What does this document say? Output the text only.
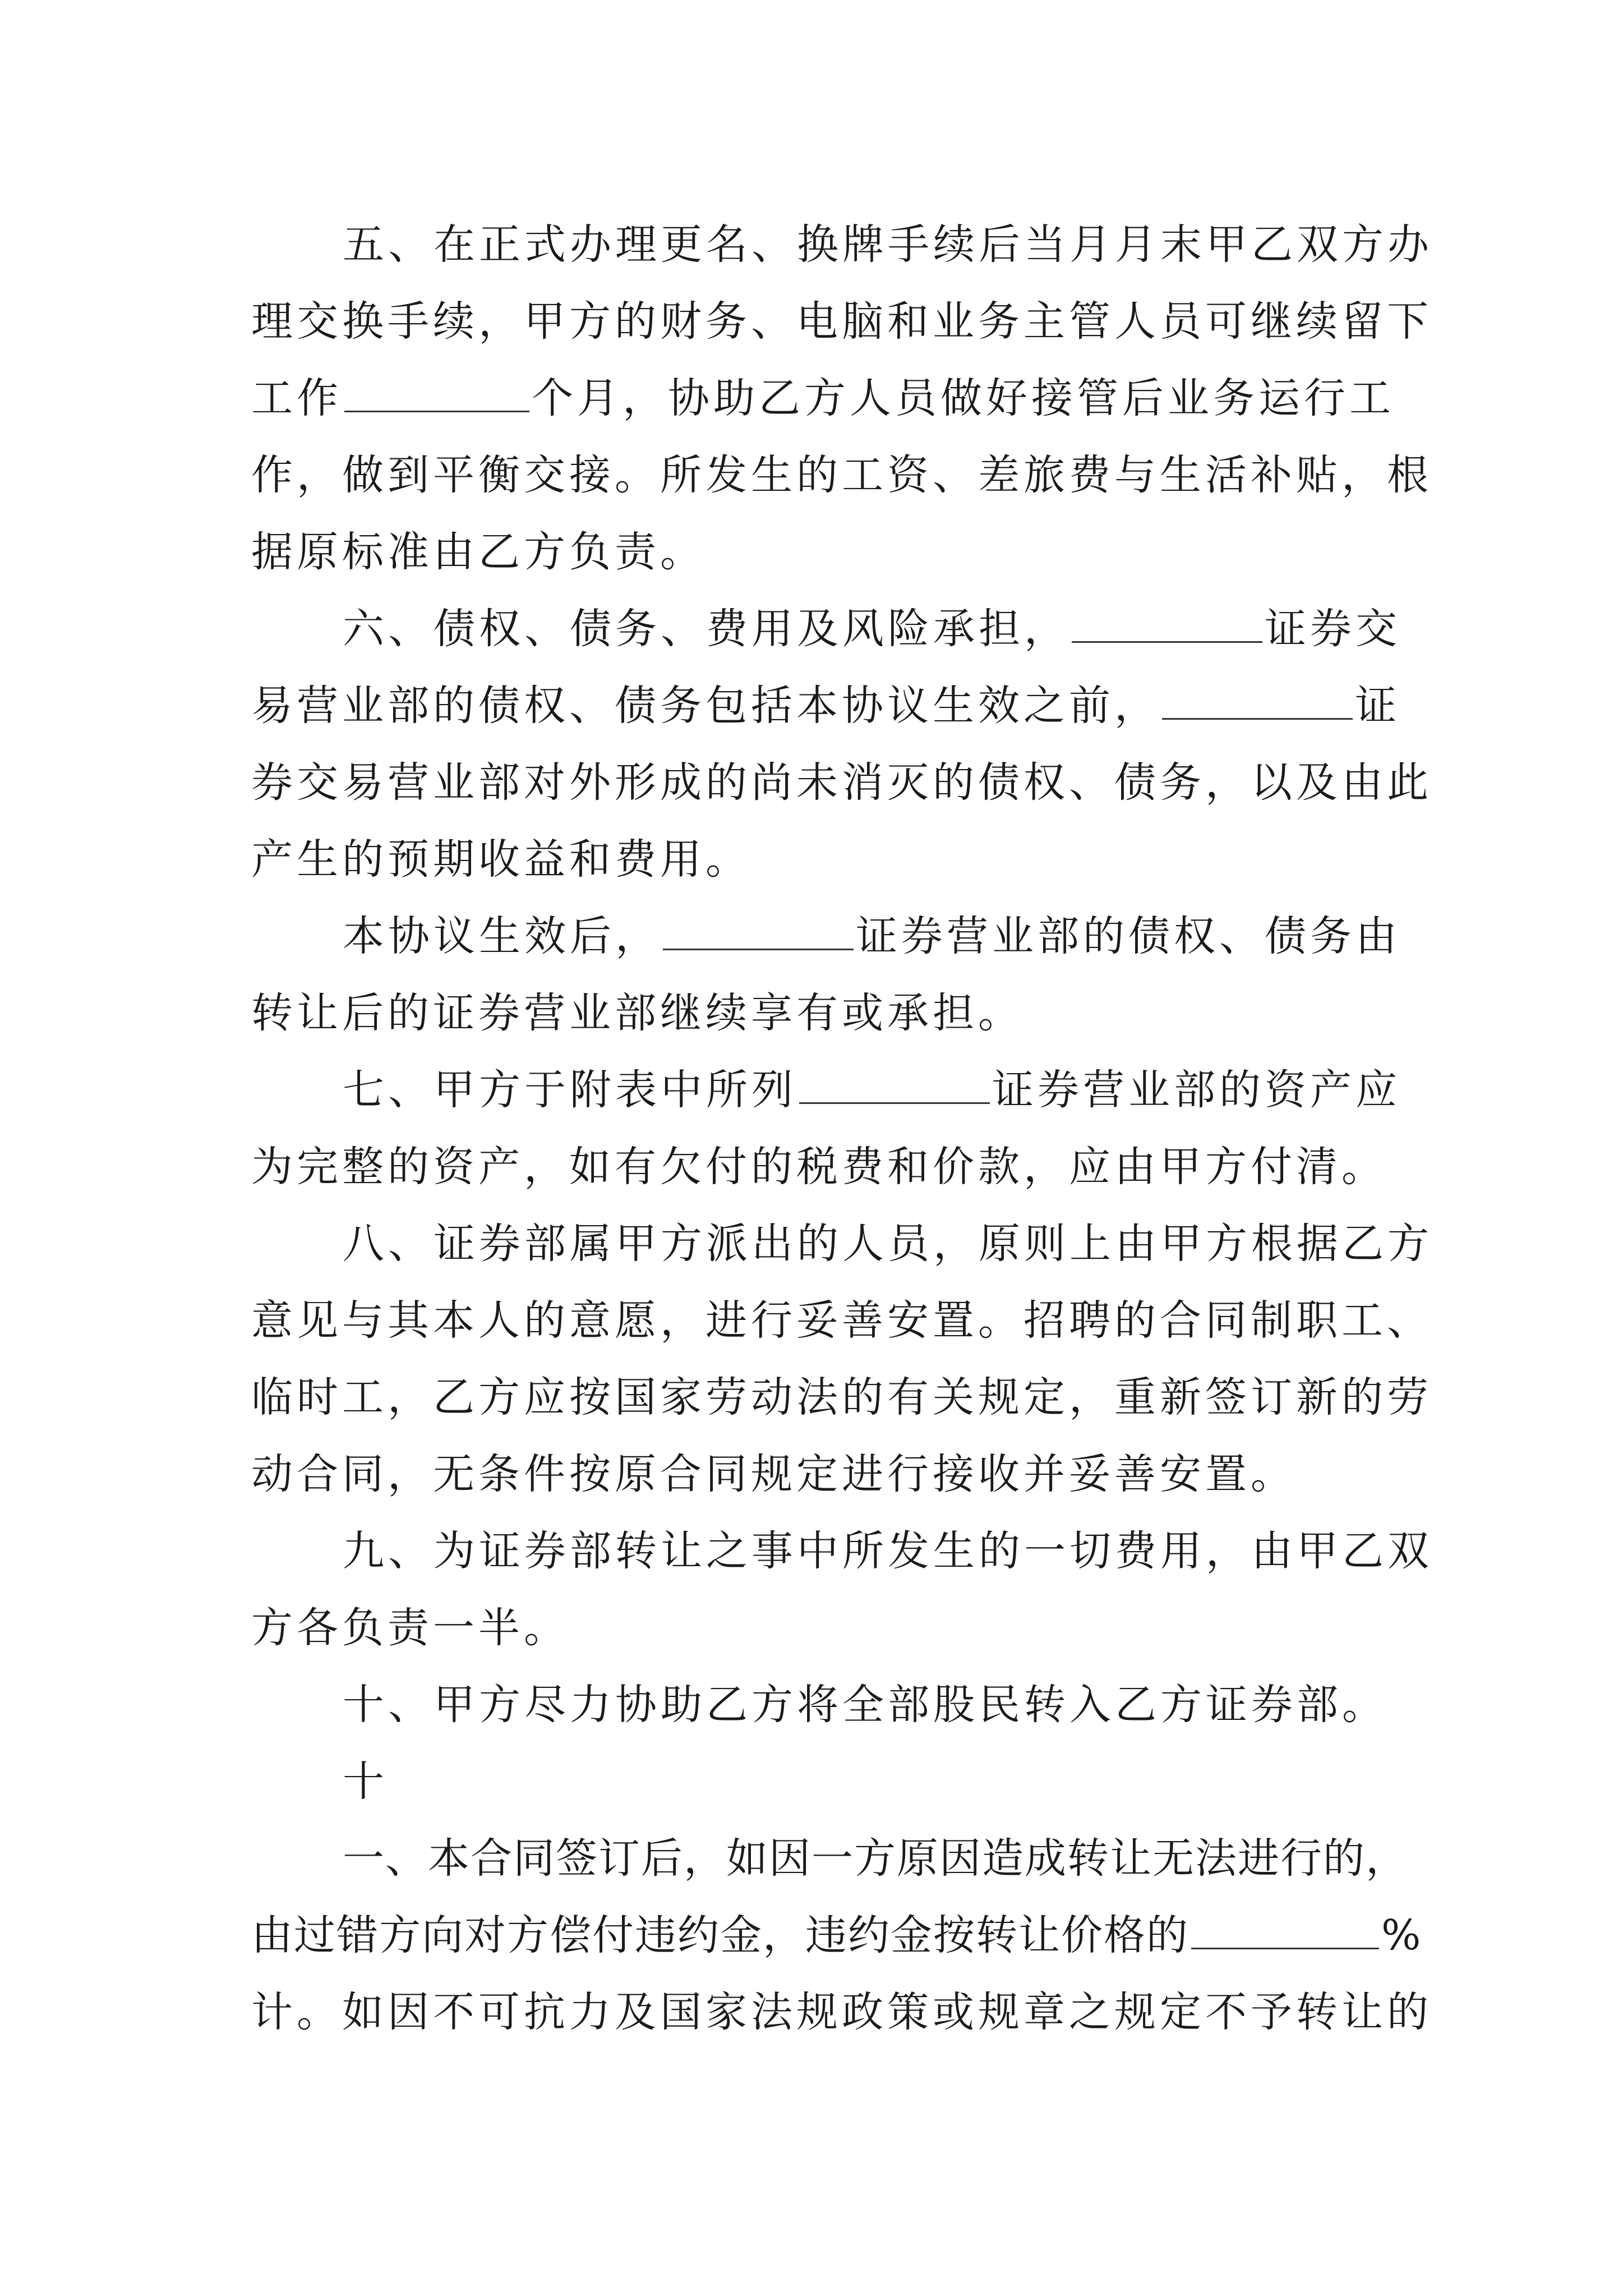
五、在正式办理更名、换牌手续后当月月末甲乙双方办
理交换手续，甲方的财务、电脑和业务主管人员可继续留下
工作	个月，协助乙方人员做好接管后业务运行工
作，做到平衡交接。所发生的工资、差旅费与生活补贴，根
据原标准由乙方负责。
六、债权、债务、费用及风险承担，	证券交
易营业部的债权、债务包括本协议生效之前，	证
券交易营业部对外形成的尚未消灭的债权、债务，以及由此
产生的预期收益和费用。
本协议生效后，	证券营业部的债权、债务由
转让后的证券营业部继续享有或承担。
七、甲方于附表中所列	证券营业部的资产应
为完整的资产，如有欠付的税费和价款，应由甲方付清。
八、证券部属甲方派出的人员，原则上由甲方根据乙方
意见与其本人的意愿，进行妥善安置。招聘的合同制职工、
临时工，乙方应按国家劳动法的有关规定，重新签订新的劳
动合同，无条件按原合同规定进行接收并妥善安置。
九、为证券部转让之事中所发生的一切费用，由甲乙双
方各负责一半。
十、甲方尽力协助乙方将全部股民转入乙方证券部。
十
一、本合同签订后，如因一方原因造成转让无法进行的，
由过错方向对方偿付违约金，违约金按转让价格的	%
计。如因不可抗力及国家法规政策或规章之规定不予转让的
